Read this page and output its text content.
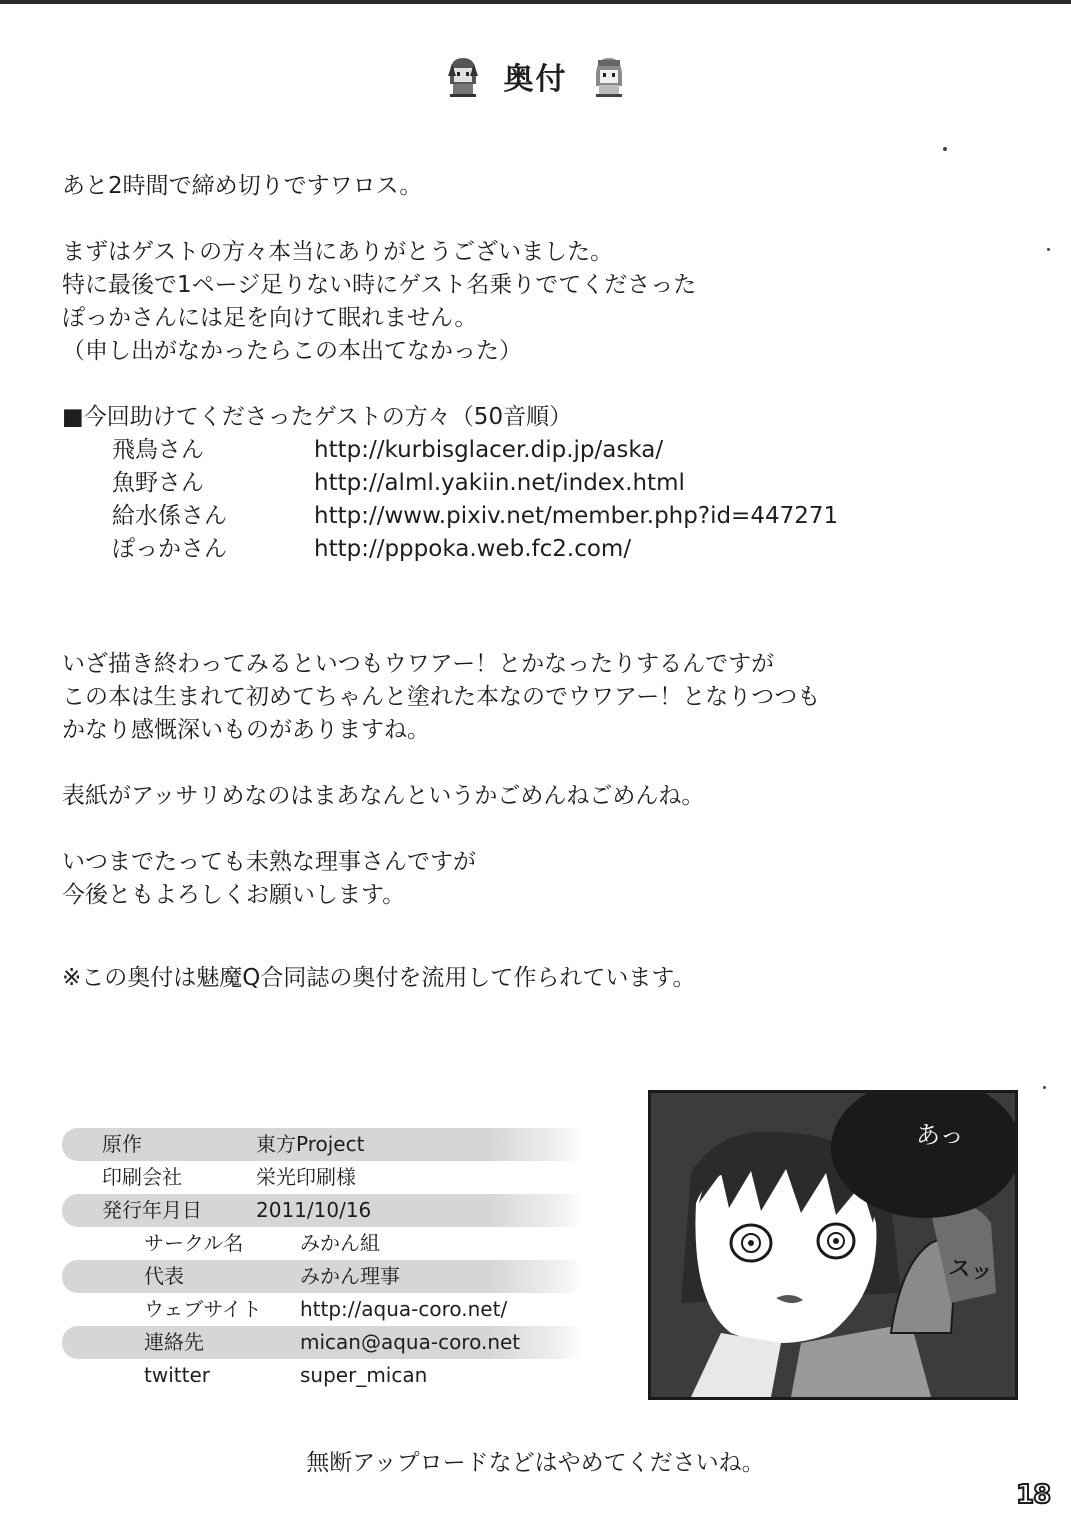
奥付
あと2時間で締め切りですワロス。
まずはゲストの方々本当にありがとうございました。
特に最後で1ページ足りない時にゲスト名乗りでてくださった
ぽっかさんには足を向けて眠れません。
（申し出がなかったらこの本出てなかった）
■今回助けてくださったゲストの方々（50音順）
飛鳥さん	http://kurbisglacer.dip.jp/aska/
魚野さん	http://alml.yakiin.net/index.html
給水係さん	http://www.pixiv.net/member.php?id=447271
ぽっかさん	http://pppoka.web.fc2.com/
いざ描き終わってみるといつもウワアー！とかなったりするんですが
この本は生まれて初めてちゃんと塗れた本なのでウワアー！となりつつも
かなり感慨深いものがありますね。
表紙がアッサリめなのはまあなんというかごめんねごめんね。
いつまでたっても未熟な理事さんですが
今後ともよろしくお願いします。
※この奥付は魅魔Q合同誌の奥付を流用して作られています。
原作	東方Project
印刷会社	栄光印刷様
発行年月日	2011/10/16
サークル名	みかん組
代表	みかん理事
ウェブサイト	http://aqua-coro.net/
連絡先	mican@aqua-coro.net
twitter	super_mican
あっ
スッ
無断アップロードなどはやめてくださいね。
18
